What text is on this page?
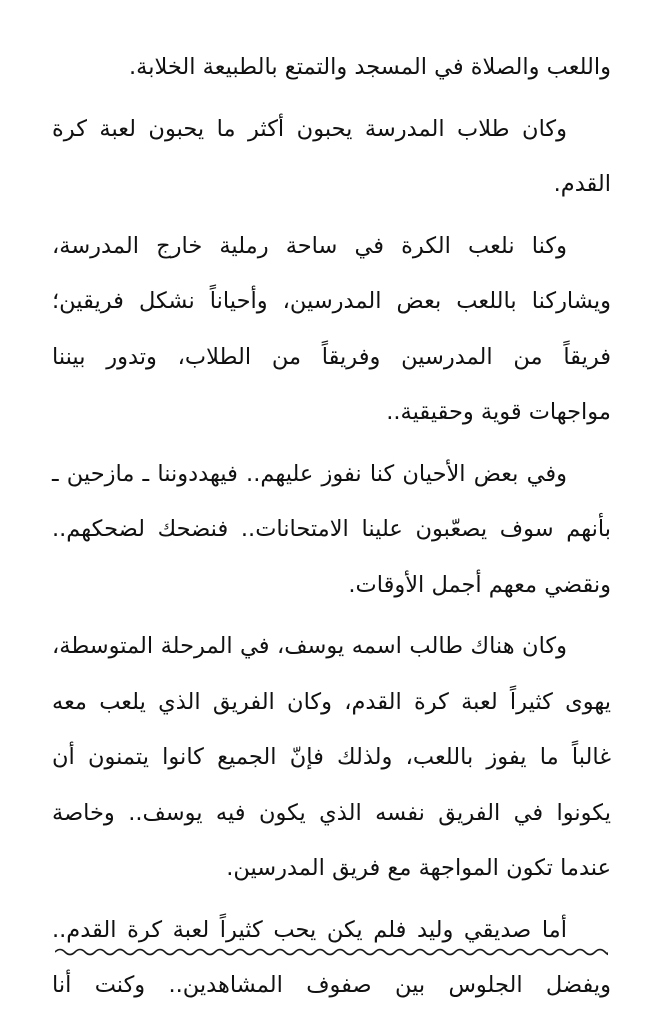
واللعب والصلاة في المسجد والتمتع بالطبيعة الخلابة.

وكان طلاب المدرسة يحبون أكثر ما يحبون لعبة كرة
القدم.

وكنا نلعب الكرة في ساحة رملية خارج المدرسة،
ويشاركنا باللعب بعض المدرسين، وأحياناً نشكل فريقين؛
فريقاً من المدرسين وفريقاً من الطلاب، وتدور بيننا
مواجهات قوية وحقيقية..

وفي بعض الأحيان كنا نفوز عليهم.. فيهددوننا ـ مازحين ـ
بأنهم سوف يصعّبون علينا الامتحانات.. فنضحك لضحكهم..
ونقضي معهم أجمل الأوقات.

وكان هناك طالب اسمه يوسف، في المرحلة المتوسطة،
يهوى كثيراً لعبة كرة القدم، وكان الفريق الذي يلعب معه
غالباً ما يفوز باللعب، ولذلك فإنّ الجميع كانوا يتمنون أن
يكونوا في الفريق نفسه الذي يكون فيه يوسف.. وخاصة
عندما تكون المواجهة مع فريق المدرسين.

أما صديقي وليد فلم يكن يحب كثيراً لعبة كرة القدم..
ويفضل الجلوس بين صفوف المشاهدين.. وكنت أنا
